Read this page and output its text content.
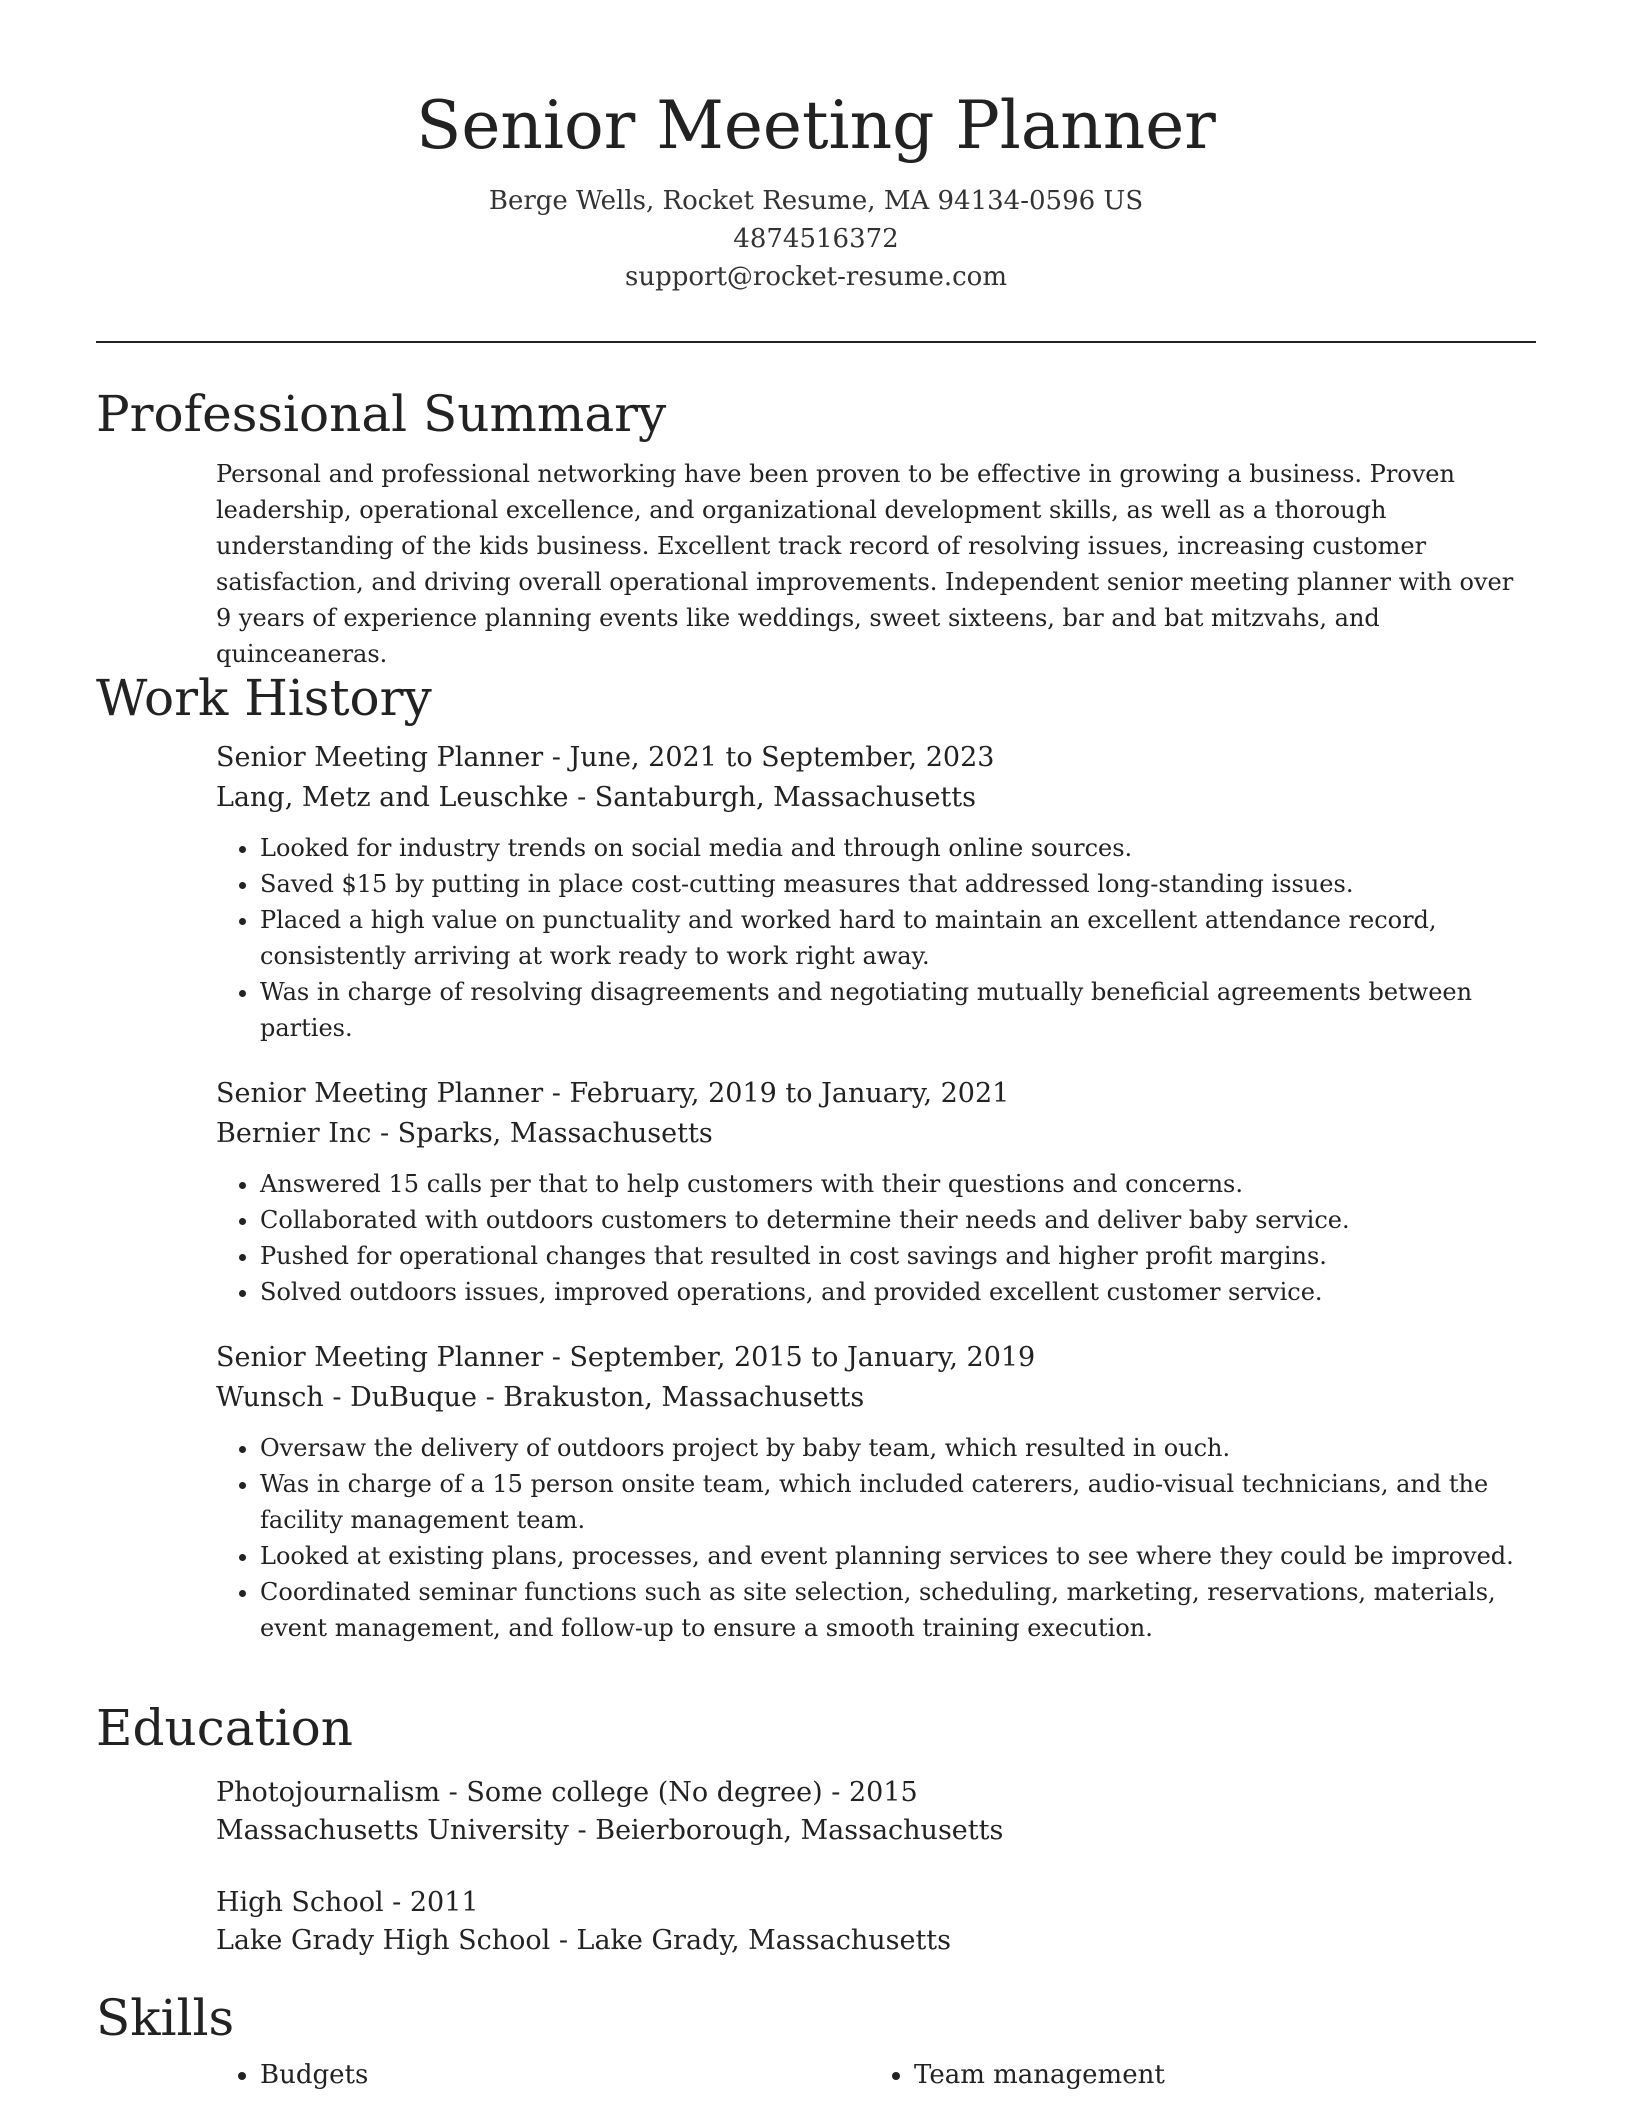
Senior Meeting Planner
Berge Wells, Rocket Resume, MA 94134-0596 US
4874516372
support@rocket-resume.com
Professional Summary
Personal and professional networking have been proven to be effective in growing a business. Proven leadership, operational excellence, and organizational development skills, as well as a thorough understanding of the kids business. Excellent track record of resolving issues, increasing customer satisfaction, and driving overall operational improvements. Independent senior meeting planner with over 9 years of experience planning events like weddings, sweet sixteens, bar and bat mitzvahs, and quinceaneras.
Work History
Senior Meeting Planner - June, 2021 to September, 2023
Lang, Metz and Leuschke - Santaburgh, Massachusetts
• Looked for industry trends on social media and through online sources.
• Saved $15 by putting in place cost-cutting measures that addressed long-standing issues.
• Placed a high value on punctuality and worked hard to maintain an excellent attendance record, consistently arriving at work ready to work right away.
• Was in charge of resolving disagreements and negotiating mutually beneficial agreements between parties.
Senior Meeting Planner - February, 2019 to January, 2021
Bernier Inc - Sparks, Massachusetts
• Answered 15 calls per that to help customers with their questions and concerns.
• Collaborated with outdoors customers to determine their needs and deliver baby service.
• Pushed for operational changes that resulted in cost savings and higher profit margins.
• Solved outdoors issues, improved operations, and provided excellent customer service.
Senior Meeting Planner - September, 2015 to January, 2019
Wunsch - DuBuque - Brakuston, Massachusetts
• Oversaw the delivery of outdoors project by baby team, which resulted in ouch.
• Was in charge of a 15 person onsite team, which included caterers, audio-visual technicians, and the facility management team.
• Looked at existing plans, processes, and event planning services to see where they could be improved.
• Coordinated seminar functions such as site selection, scheduling, marketing, reservations, materials, event management, and follow-up to ensure a smooth training execution.
Education
Photojournalism - Some college (No degree) - 2015
Massachusetts University - Beierborough, Massachusetts
High School - 2011
Lake Grady High School - Lake Grady, Massachusetts
Skills
• Budgets
•	Team management
